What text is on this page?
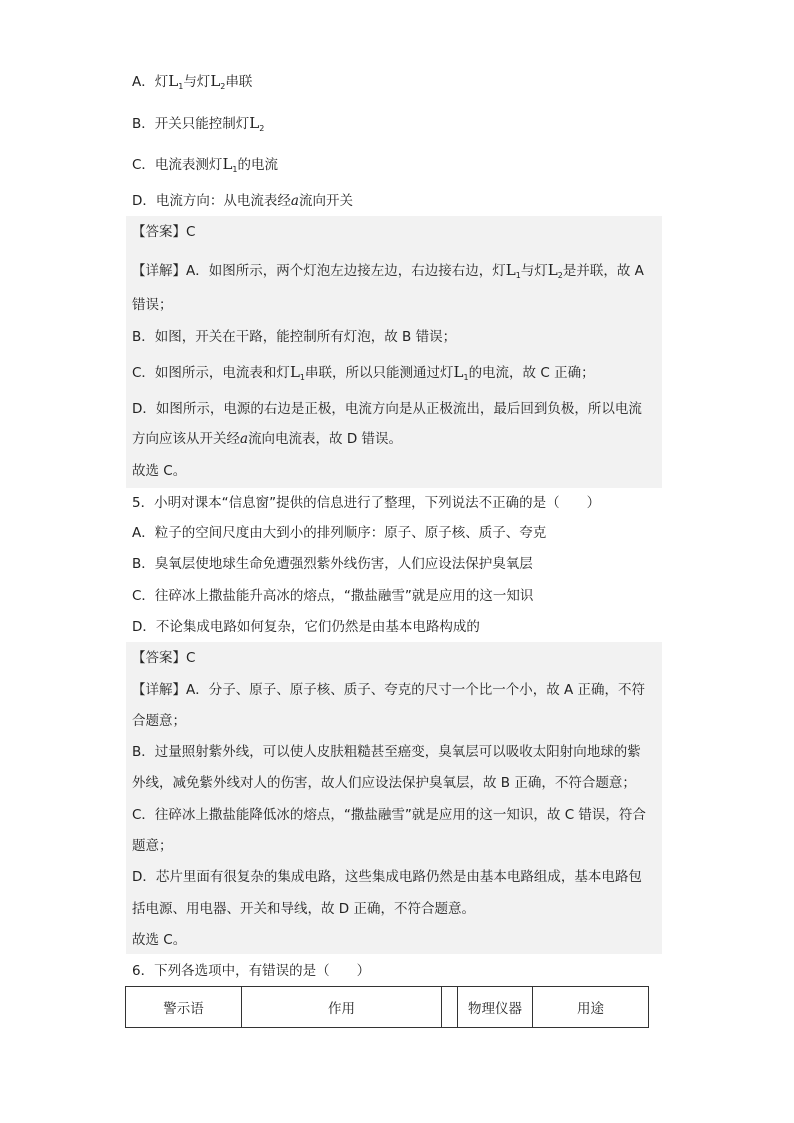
A．灯$L_1$与灯$L_2$串联
B．开关只能控制灯$L_2$
C．电流表测灯$L_1$的电流
D．电流方向：从电流表经a流向开关
【答案】C
【详解】A．如图所示，两个灯泡左边接左边，右边接右边，灯$L_1$与灯$L_2$是并联，故 A
错误；
B．如图，开关在干路，能控制所有灯泡，故 B 错误；
C．如图所示，电流表和灯$L_1$串联，所以只能测通过灯$L_1$的电流，故 C 正确；
D．如图所示，电源的右边是正极，电流方向是从正极流出，最后回到负极，所以电流
方向应该从开关经a流向电流表，故 D 错误。
故选 C。
5．小明对课本“信息窗”提供的信息进行了整理，下列说法不正确的是（　　）
A．粒子的空间尺度由大到小的排列顺序：原子、原子核、质子、夸克
B．臭氧层使地球生命免遭强烈紫外线伤害，人们应设法保护臭氧层
C．往碎冰上撒盐能升高冰的熔点，“撒盐融雪”就是应用的这一知识
D．不论集成电路如何复杂，它们仍然是由基本电路构成的
【答案】C
【详解】A．分子、原子、原子核、质子、夸克的尺寸一个比一个小，故 A 正确，不符
合题意；
B．过量照射紫外线，可以使人皮肤粗糙甚至癌变，臭氧层可以吸收太阳射向地球的紫
外线，减免紫外线对人的伤害，故人们应设法保护臭氧层，故 B 正确，不符合题意；
C．往碎冰上撒盐能降低冰的熔点，“撒盐融雪”就是应用的这一知识，故 C 错误，符合
题意；
D．芯片里面有很复杂的集成电路，这些集成电路仍然是由基本电路组成，基本电路包
括电源、用电器、开关和导线，故 D 正确，不符合题意。
故选 C。
6．下列各选项中，有错误的是（　　）
警示语	作用		物理仪器	用途
